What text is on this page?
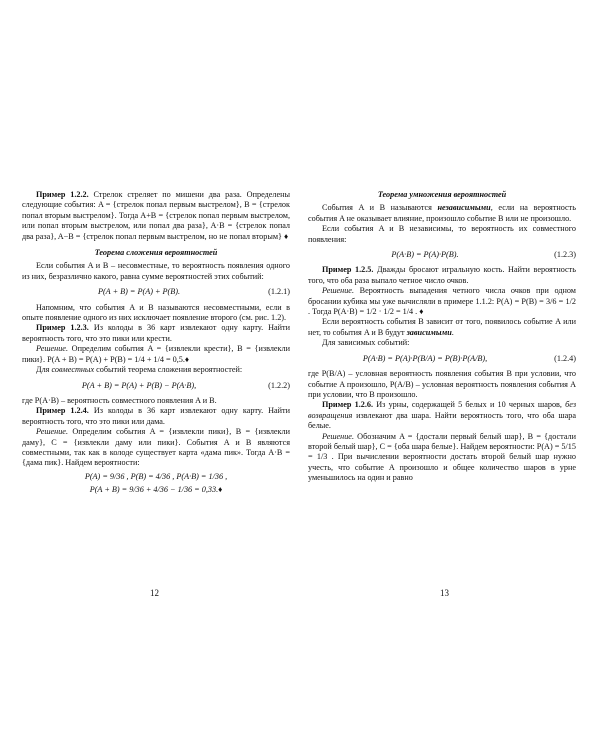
Пример 1.2.2. Стрелок стреляет по мишени два раза. Определены следующие события: A = {стрелок попал первым выстрелом}, B = {стрелок попал вторым выстрелом}. Тогда A+B = {стрелок попал первым выстрелом, или попал вторым выстрелом, или попал два раза}, A·B = {стрелок попал два раза}, A−B = {стрелок попал первым выстрелом, но не попал вторым} ♦

Теорема сложения вероятностей

Если события A и B – несовместные, то вероятность появления одного из них, безразлично какого, равна сумме вероятностей этих событий:

P(A + B) = P(A) + P(B).	(1.2.1)

Напомним, что события A и B называются несовместными, если в опыте появление одного из них исключает появление второго (см. рис. 1.2).

Пример 1.2.3. Из колоды в 36 карт извлекают одну карту. Найти вероятность того, что это пики или крести.

Решение. Определим события A = {извлекли крести}, B = {извлекли пики}. P(A + B) = P(A) + P(B) = 1/4 + 1/4 = 0,5.♦

Для совместных событий теорема сложения вероятностей:

P(A + B) = P(A) + P(B) − P(A·B),	(1.2.2)

где P(A·B) – вероятность совместного появления A и B.

Пример 1.2.4. Из колоды в 36 карт извлекают одну карту. Найти вероятность того, что это пики или дама.

Решение. Определим события A = {извлекли пики}, B = {извлекли даму}, C = {извлекли даму или пики}. События A и B являются совместными, так как в колоде существует карта «дама пик». Тогда A·B = {дама пик}. Найдем вероятности:

P(A) = 9/36 , P(B) = 4/36 , P(A·B) = 1/36 ,

P(A + B) = 9/36 + 4/36 − 1/36 = 0,33.♦

12

Теорема умножения вероятностей

События A и B называются независимыми, если на вероятность события A не оказывает влияние, произошло событие B или не произошло.

Если события A и B независимы, то вероятность их совместного появления:

P(A·B) = P(A)·P(B).	(1.2.3)

Пример 1.2.5. Дважды бросают игральную кость. Найти вероятность того, что оба раза выпало четное число очков.

Решение. Вероятность выпадения четного числа очков при одном бросании кубика мы уже вычисляли в примере 1.1.2: P(A) = P(B) = 3/6 = 1/2 . Тогда P(A·B) = 1/2 · 1/2 = 1/4 . ♦

Если вероятность события B зависит от того, появилось событие A или нет, то события A и B будут зависимыми.

Для зависимых событий:

P(A·B) = P(A)·P(B/A) = P(B)·P(A/B),	(1.2.4)

где P(B/A) – условная вероятность появления события B при условии, что событие A произошло, P(A/B) – условная вероятность появления события A при условии, что B произошло.

Пример 1.2.6. Из урны, содержащей 5 белых и 10 черных шаров, без возвращения извлекают два шара. Найти вероятность того, что оба шара белые.

Решение. Обозначим A = {достали первый белый шар}, B = {достали второй белый шар}, C = {оба шара белые}. Найдем вероятности: P(A) = 5/15 = 1/3 . При вычислении вероятности достать второй белый шар нужно учесть, что событие A произошло и общее количество шаров в урне уменьшилось на один и равно

13
